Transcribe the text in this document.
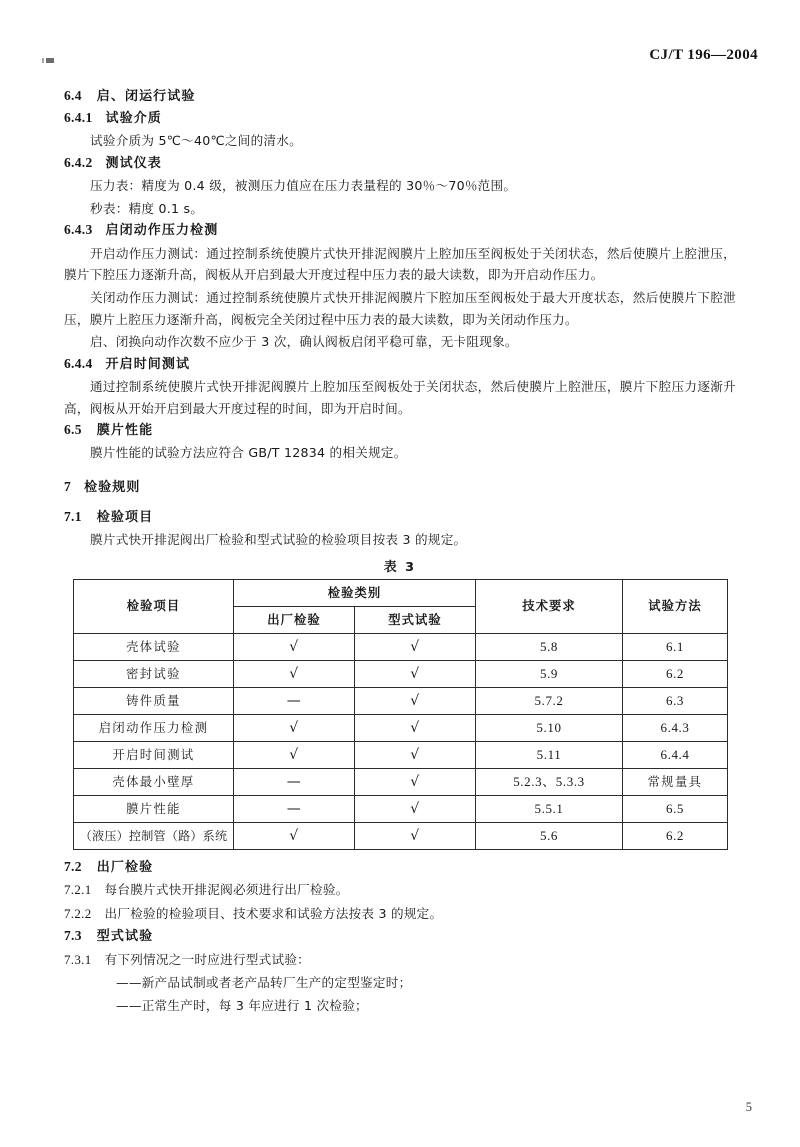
CJ/T 196—2004
6.4 启、闭运行试验
6.4.1 试验介质

试验介质为 5℃～40℃之间的清水。

6.4.2 测试仪表

压力表：精度为 0.4 级，被测压力值应在压力表量程的 30％～70％范围。

秒表：精度 0.1 s。

6.4.3 启闭动作压力检测

开启动作压力测试：通过控制系统使膜片式快开排泥阀膜片上腔加压至阀板处于关闭状态，然后使膜片上腔泄压，膜片下腔压力逐渐升高，阀板从开启到最大开度过程中压力表的最大读数，即为开启动作压力。

关闭动作压力测试：通过控制系统使膜片式快开排泥阀膜片下腔加压至阀板处于最大开度状态，然后使膜片下腔泄压，膜片上腔压力逐渐升高，阀板完全关闭过程中压力表的最大读数，即为关闭动作压力。

启、闭换向动作次数不应少于 3 次，确认阀板启闭平稳可靠，无卡阻现象。

6.4.4 开启时间测试

通过控制系统使膜片式快开排泥阀膜片上腔加压至阀板处于关闭状态，然后使膜片上腔泄压，膜片下腔压力逐渐升高，阀板从开始开启到最大开度过程的时间，即为开启时间。

6.5 膜片性能

膜片性能的试验方法应符合 GB/T 12834 的相关规定。

7 检验规则
7.1 检验项目

膜片式快开排泥阀出厂检验和型式试验的检验项目按表 3 的规定。

表 3
检验项目	检验类别		技术要求	试验方法
	出厂检验	型式试验		
壳体试验	√	√	5.8	6.1
密封试验	√	√	5.9	6.2
铸件质量	—	√	5.7.2	6.3
启闭动作压力检测	√	√	5.10	6.4.3
开启时间测试	√	√	5.11	6.4.4
壳体最小壁厚	—	√	5.2.3、5.3.3	常规量具
膜片性能	—	√	5.5.1	6.5
（液压）控制管（路）系统	√	√	5.6	6.2
7.2 出厂检验

7.2.1 每台膜片式快开排泥阀必须进行出厂检验。

7.2.2 出厂检验的检验项目、技术要求和试验方法按表 3 的规定。

7.3 型式试验

7.3.1 有下列情况之一时应进行型式试验：

——新产品试制或者老产品转厂生产的定型鉴定时；

——正常生产时，每 3 年应进行 1 次检验；

5
